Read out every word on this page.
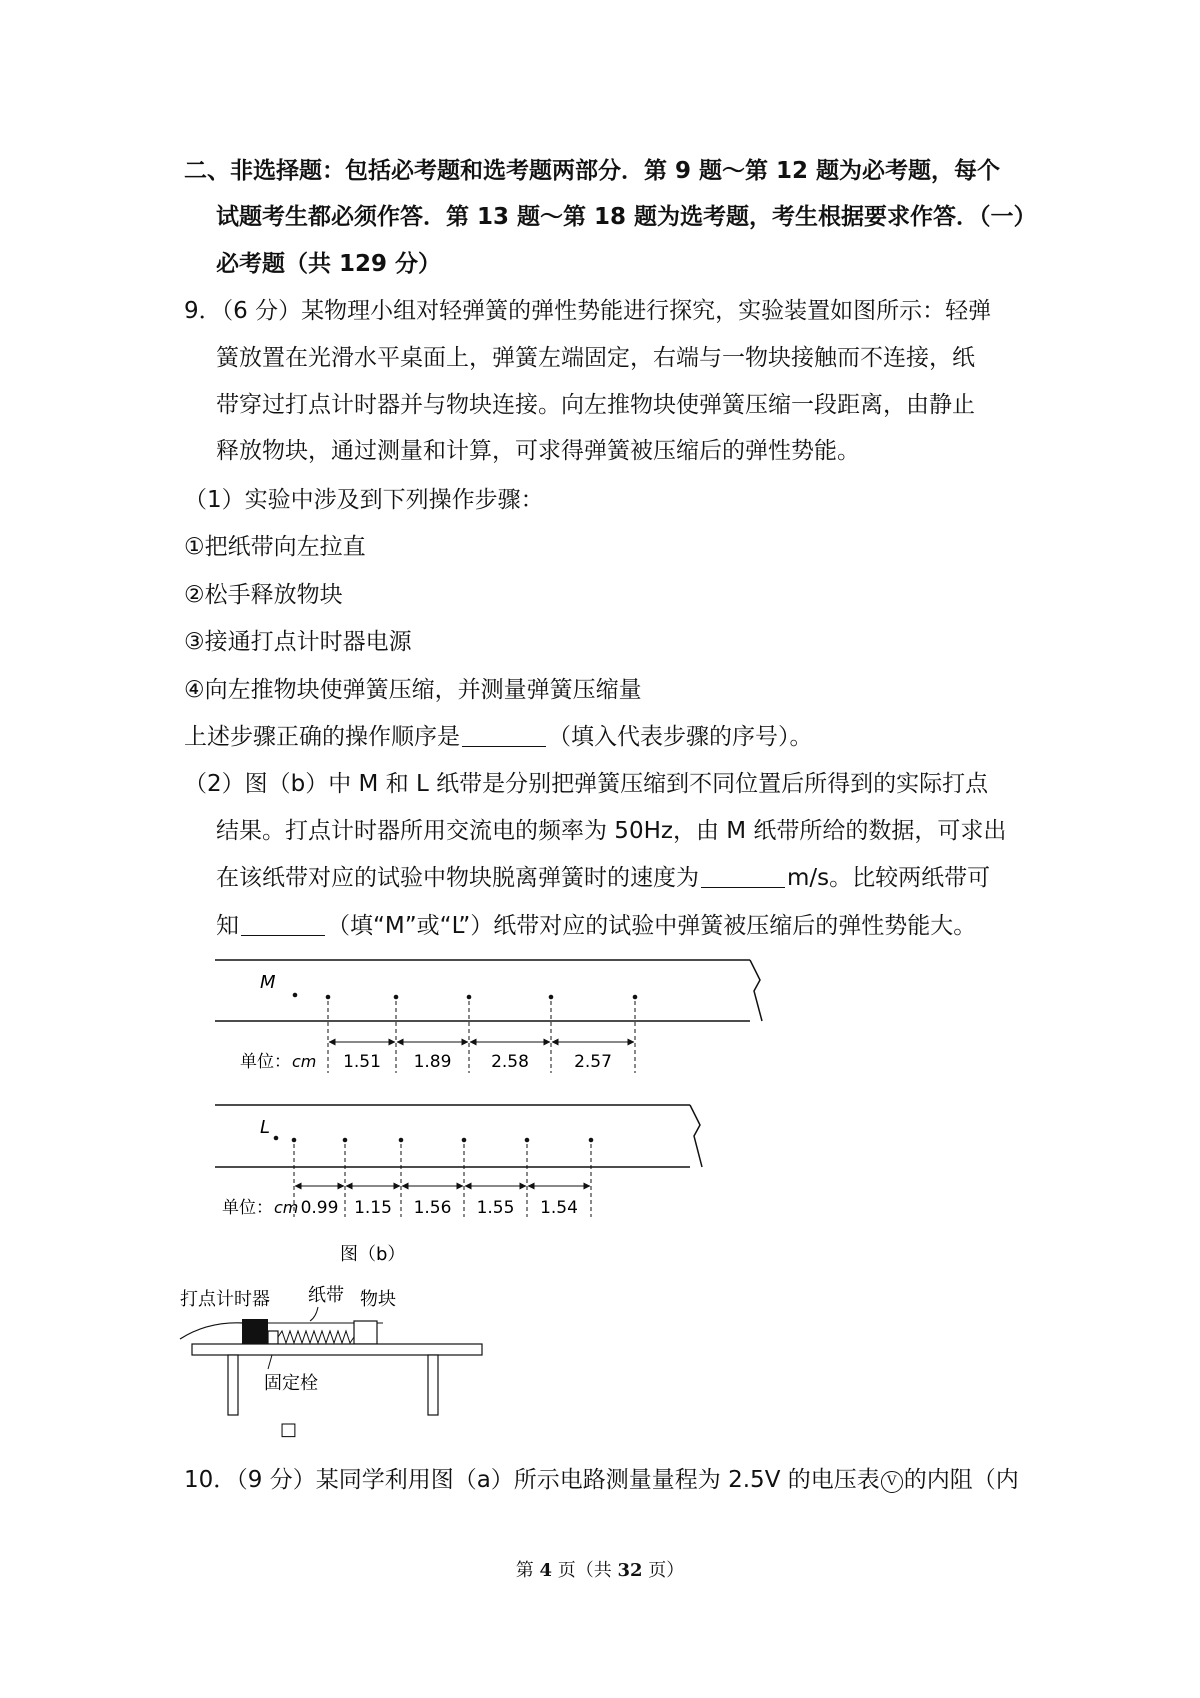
二、非选择题：包括必考题和选考题两部分．第 9 题～第 12 题为必考题，每个
试题考生都必须作答．第 13 题～第 18 题为选考题，考生根据要求作答．（一）
必考题（共 129 分）
9．（6 分）某物理小组对轻弹簧的弹性势能进行探究，实验装置如图所示：轻弹
簧放置在光滑水平桌面上，弹簧左端固定，右端与一物块接触而不连接，纸
带穿过打点计时器并与物块连接。向左推物块使弹簧压缩一段距离，由静止
释放物块，通过测量和计算，可求得弹簧被压缩后的弹性势能。
（1）实验中涉及到下列操作步骤：
①把纸带向左拉直
②松手释放物块
③接通打点计时器电源
④向左推物块使弹簧压缩，并测量弹簧压缩量
上述步骤正确的操作顺序是	（填入代表步骤的序号）。
（2）图（b）中 M 和 L 纸带是分别把弹簧压缩到不同位置后所得到的实际打点
结果。打点计时器所用交流电的频率为 50Hz，由 M 纸带所给的数据，可求出
在该纸带对应的试验中物块脱离弹簧时的速度为	m/s。比较两纸带可
知	（填“M”或“L”）纸带对应的试验中弹簧被压缩后的弹性势能大。
M
1.51 1.89 2.58	2.57
单位： cm
L
0.99 1.15 1.56 1.55 1.54
单位： cm
图（b）
打点计时器 纸带 物块
固定栓
□
10．（9 分）某同学利用图（a）所示电路测量量程为 2.5V 的电压表 V 的内阻（内
第 4 页（共 32 页）
